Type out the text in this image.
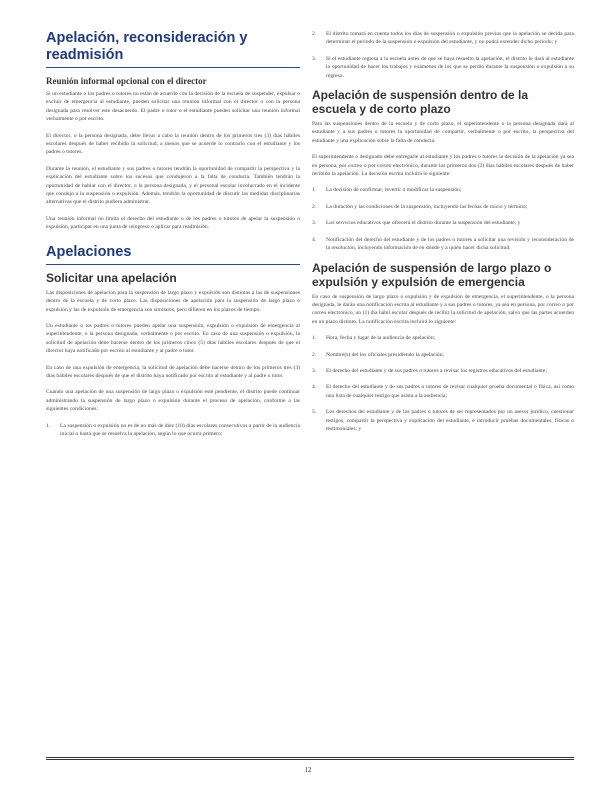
Apelación, reconsideración y readmisión
Reunión informal opcional con el director

Si un estudiante o los padres o tutores no están de acuerdo con la decisión de la escuela de suspender, expulsar o excluir de emergencia al estudiante, pueden solicitar una reunión informal con el director o con la persona designada para resolver este desacuerdo. El padre o tutor o el estudiante pueden solicitar una reunión informal verbalmente o por escrito.

El director, o la persona designada, debe llevar a cabo la reunión dentro de los primeros tres (3) días hábiles escolares después de haber recibido la solicitud, a menos que se acuerde lo contrario con el estudiante y los padres o tutores.

Durante la reunión, el estudiante y sus padres o tutores tendrán la oportunidad de compartir la perspectiva y la explicación del estudiante sobre los sucesos que condujeron a la falta de conducta. También tendrán la oportunidad de hablar con el director, o la persona designada, y el personal escolar involucrado en el incidente que condujo a la suspensión o expulsión. Además, tendrán la oportunidad de discutir las medidas disciplinarias alternativas que el distrito pudiera administrar.

Una reunión informal no limita el derecho del estudiante o de los padres o tutores de apelar la suspensión o expulsión, participar en una junta de reingreso o aplicar para readmisión.

Apelaciones
Solicitar una apelación

Las disposiciones de apelación para la suspensión de largo plazo y expulsión son distintas a las de suspensiones dentro de la escuela y de corto plazo. Las disposiciones de apelación para la suspensión de largo plazo o expulsión y las de expulsión de emergencia son similares, pero difieren en los plazos de tiempo.

Un estudiante o los padres o tutores pueden apelar una suspensión, expulsión o expulsión de emergencia al superintendente, o la persona designada, verbalmente o por escrito. En caso de una suspensión o expulsión, la solicitud de apelación debe hacerse dentro de los primeros cinco (5) días hábiles escolares después de que el director haya notificado por escrito al estudiante y al padre o tutor.

En caso de una expulsión de emergencia, la solicitud de apelación debe hacerse dentro de los primeros tres (3) días hábiles escolares después de que el distrito haya notificado por escrito al estudiante y al padre o tutor.

Cuando una apelación de una suspensión de largo plazo o expulsión esté pendiente, el distrito puede continuar administrando la suspensión de largo plazo o expulsión durante el proceso de apelación, conforme a las siguientes condiciones:

1. La suspensión o expulsión no es de no más de diez (10) días escolares consecutivos a partir de la audiencia inicial o hasta que se resuelva la apelación, según lo que ocurra primero;
2. El distrito tomará en cuenta todos los días de suspensión o expulsión previos que la apelación se decida para determinar el periodo de la suspensión o expulsión del estudiante, y no podrá extender dicho periodo; y
3. Si el estudiante regresa a la escuela antes de que se haya resuelto la apelación, el distrito le dará al estudiante la oportunidad de hacer los trabajos y exámenes de los que se perdió durante la suspensión o expulsión a su regreso.
Apelación de suspensión dentro de la escuela y de corto plazo

Para las suspensiones dentro de la escuela y de corto plazo, el superintendente o la persona designada dará al estudiante y a sus padres o tutores la oportunidad de compartir, verbalmente o por escrito, la perspectiva del estudiante y una explicación sobre la falta de conducta.

El superintendente o designado debe entregarle al estudiante y los padres o tutores la decisión de la apelación ya sea en persona, por correo o por correo electrónico, durante los primeros dos (2) días hábiles escolares después de haber recibido la apelación. La decisión escrita incluirá lo siguiente:

1. La decisión de confirmar, revertir o modificar la suspensión;
2. La duración y las condiciones de la suspensión, incluyendo las fechas de inicio y término;
3. Los servicios educativos que ofrecerá el distrito durante la suspensión del estudiante; y
4. Notificación del derecho del estudiante y de los padres o tutores a solicitar una revisión y reconsideración de la resolución, incluyendo información de en dónde y a quién hacer dicha solicitud.
Apelación de suspensión de largo plazo o expulsión y expulsión de emergencia

En caso de suspensión de largo plazo o expulsión y de expulsión de emergencia, el superintendente, o la persona designada, le darán una notificación escrita al estudiante y a sus padres o tutores, ya sea en persona, por correo o por correo electrónico, un (1) día hábil escolar después de recibir la solicitud de apelación, salvo que las partes acuerden en un plazo distinto. La notificación escrita incluirá lo siguiente:

1. Hora, fecha y lugar de la audiencia de apelación;
2. Nombre(s) del los oficiales presidiendo la apelación;
3. El derecho del estudiante y de sus padres o tutores a revisar los registros educativos del estudiante;
4. El derecho del estudiante y de sus padres o tutores de revisar cualquier prueba documental o física, así como una lista de cualquier testigo que asista a la audiencia;
5. Los derechos del estudiante y de los padres o tutores de ser representados por un asesor jurídico, cuestionar testigos, compartir la perspectiva y explicación del estudiante, e introducir pruebas documentales, físicas o testimoniales; y
12
